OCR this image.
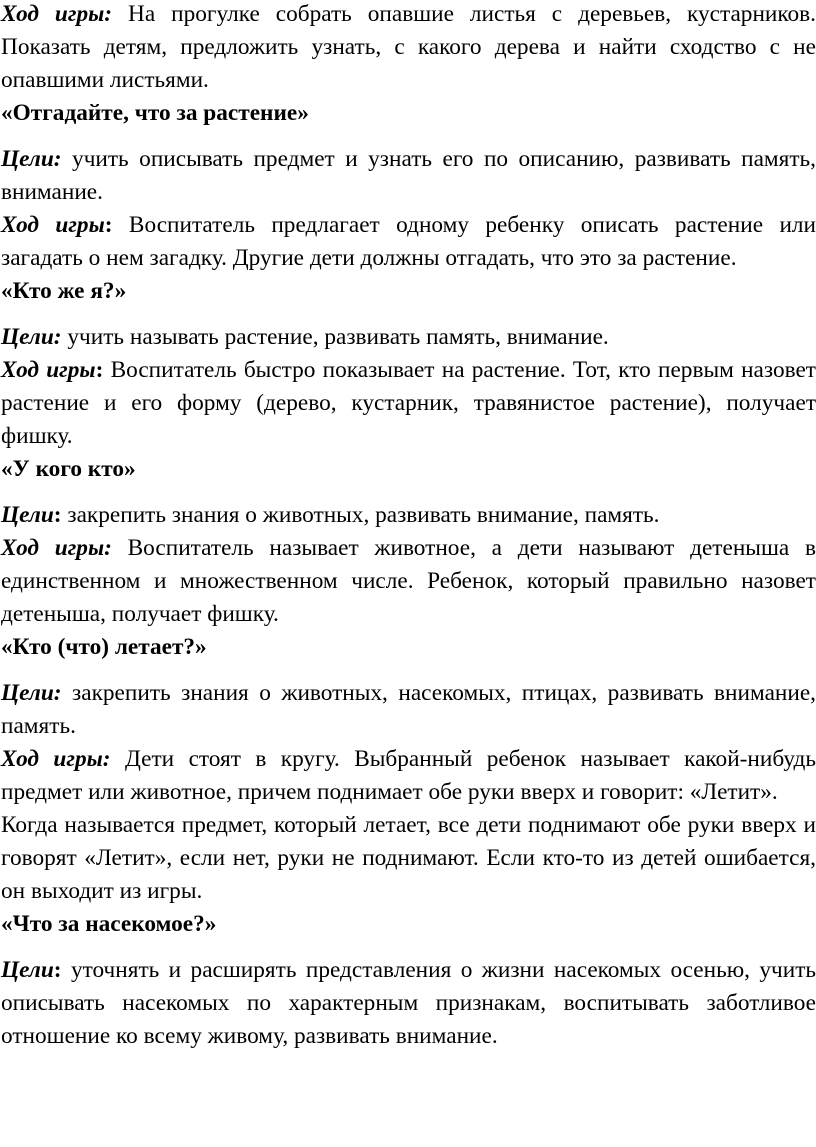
Ход игры: На прогулке собрать опавшие листья с деревьев, кустарников. Показать детям, предложить узнать, с какого дерева и найти сходство с не опавшими листьями.

«Отгадайте, что за растение»

Цели: учить описывать предмет и узнать его по описанию, развивать память, внимание.

Ход игры: Воспитатель предлагает одному ребенку описать растение или загадать о нем загадку. Другие дети должны отгадать, что это за растение.

«Кто же я?»

Цели: учить называть растение, развивать память, внимание.

Ход игры: Воспитатель быстро показывает на растение. Тот, кто первым назовет растение и его форму (дерево, кустарник, травянистое растение), получает фишку.

«У кого кто»

Цели: закрепить знания о животных, развивать внимание, память.

Ход игры: Воспитатель называет животное, а дети называют детеныша в единственном и множественном числе. Ребенок, который правильно назовет детеныша, получает фишку.

«Кто (что) летает?»

Цели: закрепить знания о животных, насекомых, птицах, развивать внимание, память.

Ход игры: Дети стоят в кругу. Выбранный ребенок называет какой-нибудь предмет или животное, причем поднимает обе руки вверх и говорит: «Летит».

Когда называется предмет, который летает, все дети поднимают обе руки вверх и говорят «Летит», если нет, руки не поднимают. Если кто-то из детей ошибается, он выходит из игры.

«Что за насекомое?»

Цели: уточнять и расширять представления о жизни насекомых осенью, учить описывать насекомых по характерным признакам, воспитывать заботливое отношение ко всему живому, развивать внимание.
